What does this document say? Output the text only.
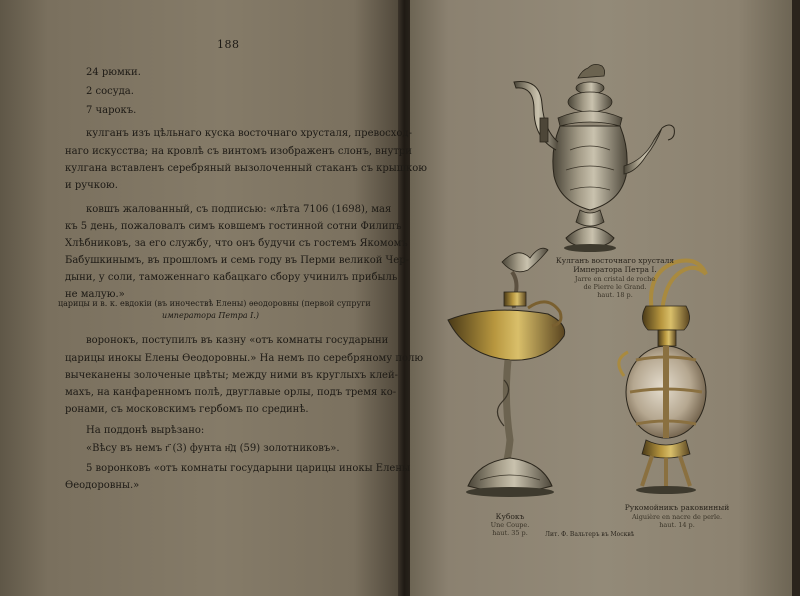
188
24 рюмки.
2 сосуда.
7 чарокъ.
кулганъ изъ цѣльнаго куска восточнаго хрусталя, превосход-
наго искусства; на кровлѣ съ винтомъ изображенъ слонъ, внутри
кулгана вставленъ серебряный вызолоченный стаканъ съ крышкою
и ручкою.
ковшъ жалованный, съ подписью: «лѣта 7106 (1698), мая
къ 5 день, пожаловалъ симъ ковшемъ гостинной сотни Филипъ
Хлѣбниковъ, за его службу, что онъ будучи съ гостемъ Якомомъ
Бабушкинымъ, въ прошломъ и семь году въ Перми великой Чер-
дыни, у соли, таможеннаго кабацкаго сбору учинилъ прибыль
не малую.»
царицы и в. к. евдокіи (въ иночествѣ Елены) ѳеодоровны (первой супруги
императора Петра I.)
воронокъ, поступилъ въ казну «отъ комнаты государыни
царицы инокы Елены Ѳеодоровны.» На немъ по серебряному полю
вычеканены золоченые цвѣты; между ними въ круглыхъ клей-
махъ, на канфаренномъ полѣ, двуглавые орлы, подъ тремя ко-
ронами, съ московскимъ гербомъ по срединѣ.
На поддонѣ вырѣзано:
«Вѣсу въ немъ г҃ (3) фунта н҃д (59) золотниковъ».
5 воронковъ «отъ комнаты государыни царицы инокы Елены
Ѳеодоровны.»
Кулганъ восточнаго хрусталя
Императора Петра I.
Jarre en cristal de roche
de Pierre le Grand.
haut. 18 p.
Кубокъ
Une Coupe.
haut. 35 p.
Рукомойникъ раковинный
Aiguière en nacre de perle.
haut. 14 p.
Лит. Ф. Вальтеръ въ Москвѣ
